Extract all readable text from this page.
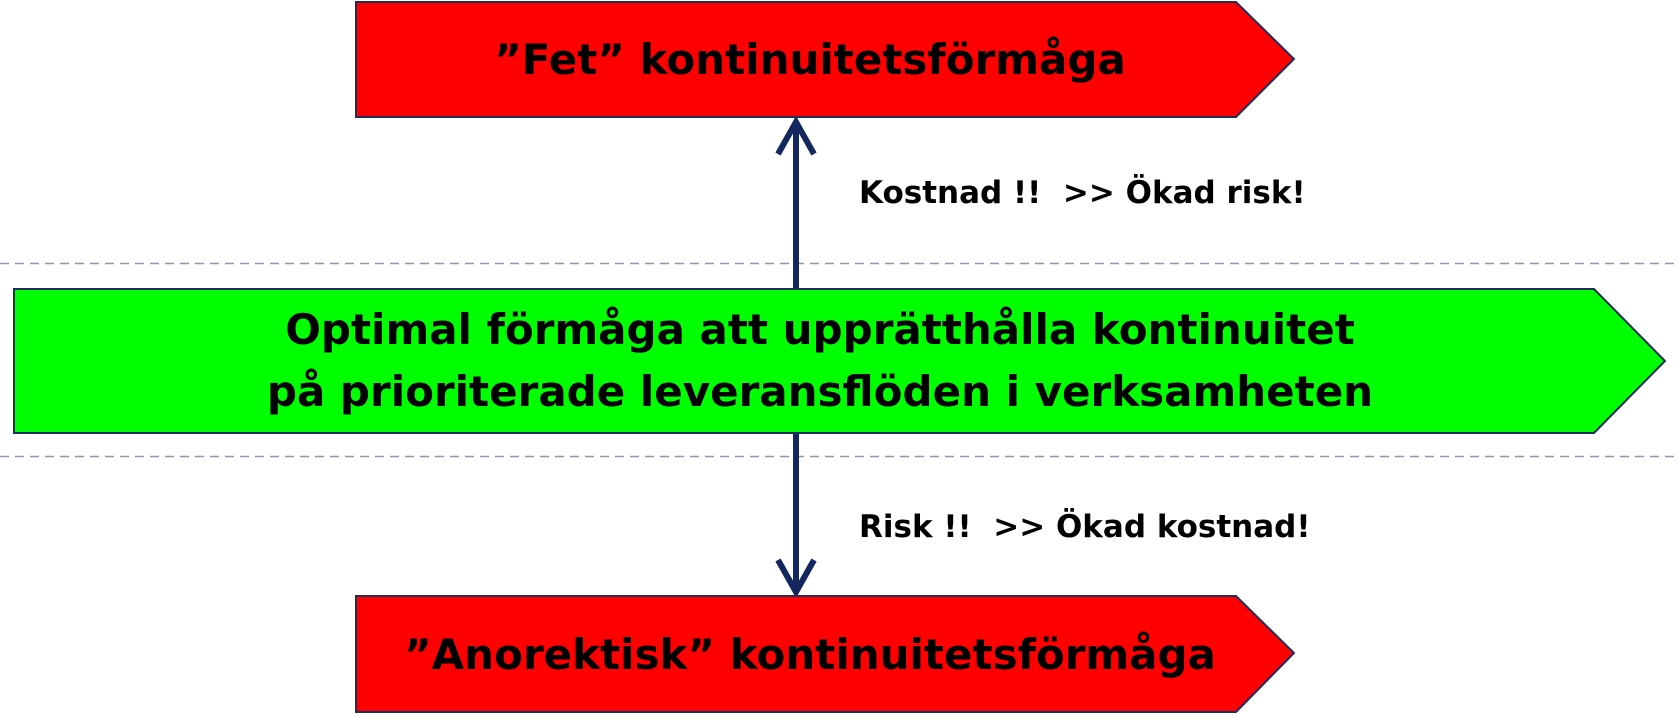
”Fet” kontinuitetsförmåga
Optimal förmåga att upprätthålla kontinuitet
på prioriterade leveransflöden i verksamheten
”Anorektisk” kontinuitetsförmåga
Kostnad !!  >> Ökad risk!
Risk !!  >> Ökad kostnad!
